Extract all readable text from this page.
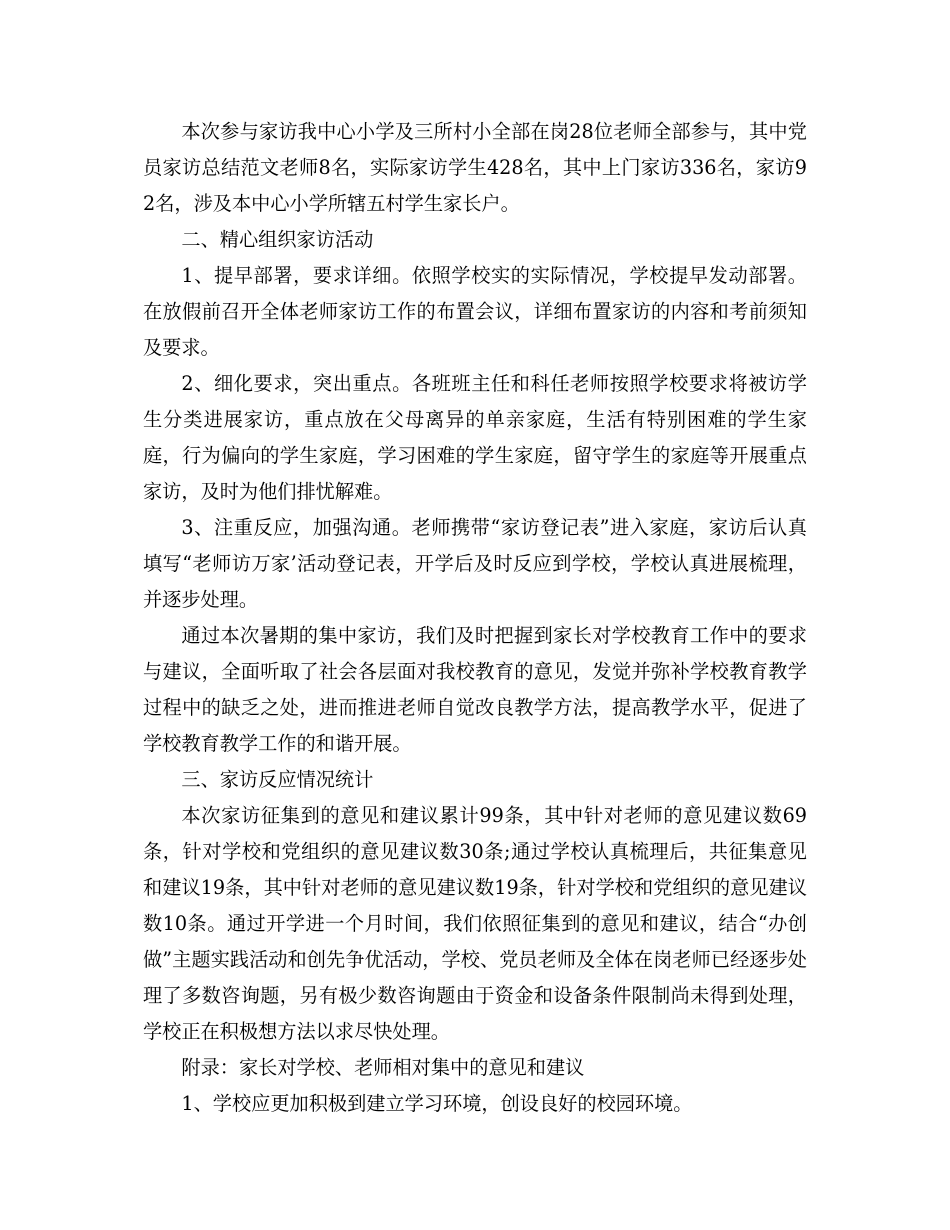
本次参与家访我中心小学及三所村小全部在岗28位老师全部参与，其中党员家访总结范文老师8名，实际家访学生428名，其中上门家访336名，家访92名，涉及本中心小学所辖五村学生家长户。

二、精心组织家访活动

1、提早部署，要求详细。依照学校实的实际情况，学校提早发动部署。在放假前召开全体老师家访工作的布置会议，详细布置家访的内容和考前须知及要求。

2、细化要求，突出重点。各班班主任和科任老师按照学校要求将被访学生分类进展家访，重点放在父母离异的单亲家庭，生活有特别困难的学生家庭，行为偏向的学生家庭，学习困难的学生家庭，留守学生的家庭等开展重点家访，及时为他们排忧解难。

3、注重反应，加强沟通。老师携带“家访登记表”进入家庭，家访后认真填写“老师访万家’活动登记表，开学后及时反应到学校，学校认真进展梳理，并逐步处理。

通过本次暑期的集中家访，我们及时把握到家长对学校教育工作中的要求与建议，全面听取了社会各层面对我校教育的意见，发觉并弥补学校教育教学过程中的缺乏之处，进而推进老师自觉改良教学方法，提高教学水平，促进了学校教育教学工作的和谐开展。

三、家访反应情况统计

本次家访征集到的意见和建议累计99条，其中针对老师的意见建议数69条，针对学校和党组织的意见建议数30条;通过学校认真梳理后，共征集意见和建议19条，其中针对老师的意见建议数19条，针对学校和党组织的意见建议数10条。通过开学进一个月时间，我们依照征集到的意见和建议，结合“办创做”主题实践活动和创先争优活动，学校、党员老师及全体在岗老师已经逐步处理了多数咨询题，另有极少数咨询题由于资金和设备条件限制尚未得到处理，学校正在积极想方法以求尽快处理。

附录：家长对学校、老师相对集中的意见和建议

1、学校应更加积极到建立学习环境，创设良好的校园环境。
